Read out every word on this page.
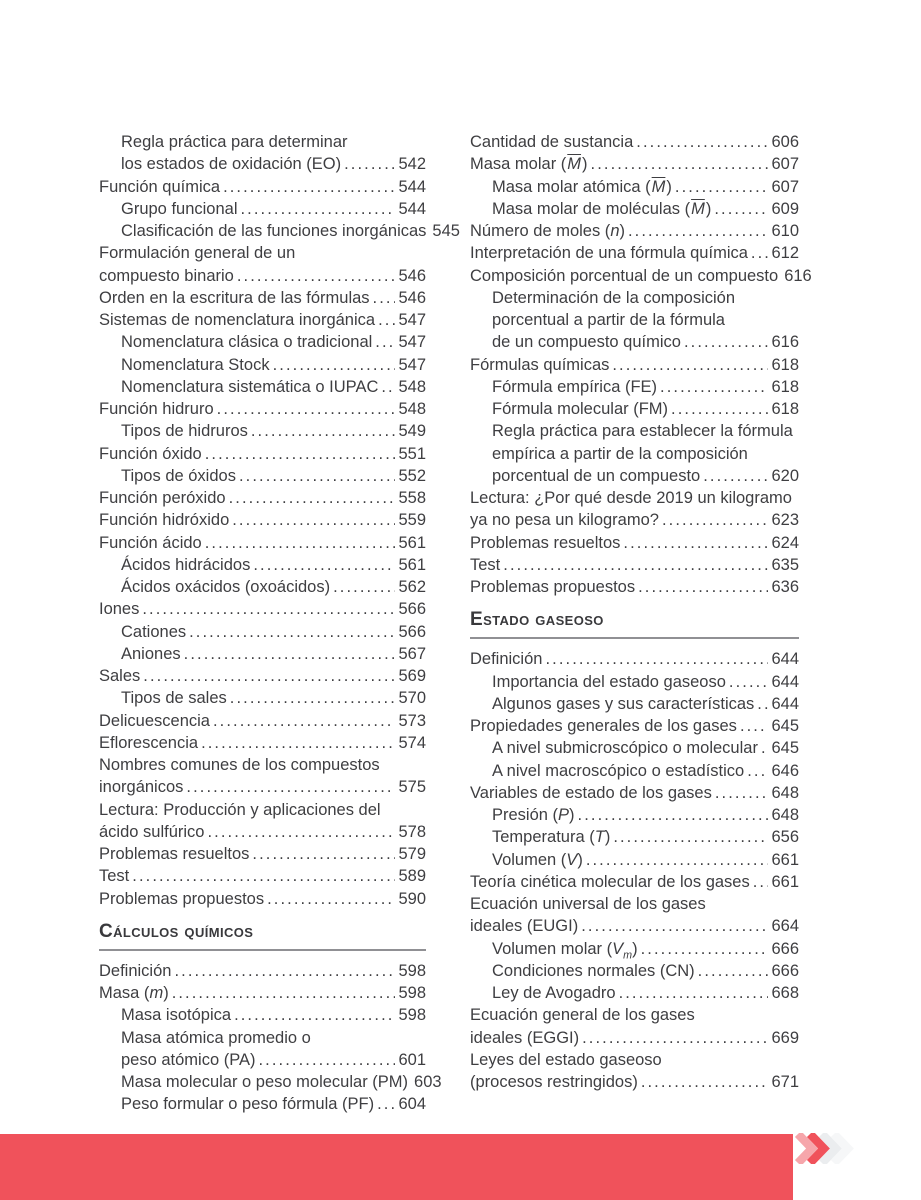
Regla práctica para determinar
los estados de oxidación (EO) .....	542
Función química .....	544
Grupo funcional .....	544
Clasificación de las funciones inorgánicas 545
Formulación general de un
compuesto binario .....	546
Orden en la escritura de las fórmulas ..... 546
Sistemas de nomenclatura inorgánica ..... 547
Nomenclatura clásica o tradicional ..... 547
Nomenclatura Stock .....	547
Nomenclatura sistemática o IUPAC ..... 548
Función hidruro .....	548
Tipos de hidruros .....	549
Función óxido .....	551
Tipos de óxidos .....	552
Función peróxido .....	558
Función hidróxido .....	559
Función ácido .....	561
Ácidos hidrácidos .....	561
Ácidos oxácidos (oxoácidos) .....	562
Iones .....	566
Cationes .....	566
Aniones .....	567
Sales .....	569
Tipos de sales .....	570
Delicuescencia .....	573
Eflorescencia .....	574
Nombres comunes de los compuestos
inorgánicos .....	575
Lectura: Producción y aplicaciones del
ácido sulfúrico .....	578
Problemas resueltos .....	579
Test .....	589
Problemas propuestos .....	590
Cálculos químicos
Definición .....	598
Masa (m) .....	598
Masa isotópica .....	598
Masa atómica promedio o
peso atómico (PA) .....	601
Masa molecular o peso molecular (PM) 603
Peso formular o peso fórmula (PF) ..... 604
Cantidad de sustancia .....	606
Masa molar $(\overline{M})$ .....	607
Masa molar atómica $(\overline{M})$ .....	607
Masa molar de moléculas $(\overline{M})$ .....	609
Número de moles (n) .....	610
Interpretación de una fórmula química ..... 612
Composición porcentual de un compuesto 616
Determinación de la composición
porcentual a partir de la fórmula
de un compuesto químico .....	616
Fórmulas químicas .....	618
Fórmula empírica (FE) .....	618
Fórmula molecular (FM) .....	618
Regla práctica para establecer la fórmula
empírica a partir de la composición
porcentual de un compuesto .....	620
Lectura: ¿Por qué desde 2019 un kilogramo
ya no pesa un kilogramo? .....	623
Problemas resueltos .....	624
Test .....	635
Problemas propuestos .....	636
Estado gaseoso
Definición .....	644
Importancia del estado gaseoso .....	644
Algunos gases y sus características ..... 644
Propiedades generales de los gases ..... 645
A nivel submicroscópico o molecular ..... 645
A nivel macroscópico o estadístico ..... 646
Variables de estado de los gases .....	648
Presión (P) .....	648
Temperatura (T) .....	656
Volumen (V) .....	661
Teoría cinética molecular de los gases ..... 661
Ecuación universal de los gases
ideales (EUGI) .....	664
Volumen molar $(V_m)$ .....	666
Condiciones normales (CN) .....	666
Ley de Avogadro .....	668
Ecuación general de los gases
ideales (EGGI) .....	669
Leyes del estado gaseoso
(procesos restringidos) .....	671
